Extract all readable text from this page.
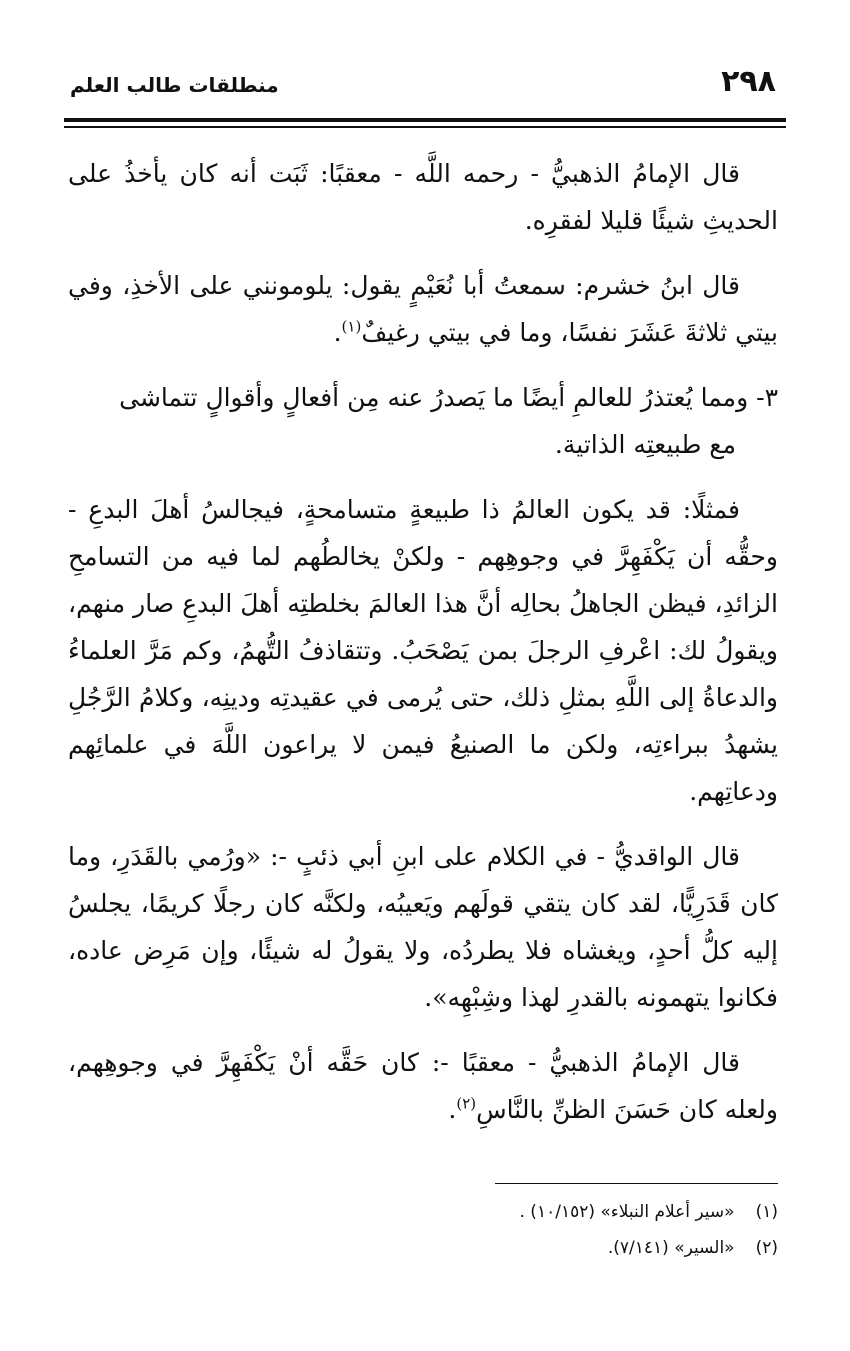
٢٩٨
منطلقات طالب العلم

قال الإمامُ الذهبيُّ - رحمه اللَّه - معقبًا: ثَبَت أنه كان يأخذُ على الحديثِ شيئًا قليلا لفقرِه.

قال ابنُ خشرم: سمعتُ أبا نُعَيْمٍ يقول: يلومونني على الأخذِ، وفي بيتي ثلاثةَ عَشَرَ نفسًا، وما في بيتي رغيفٌ$^{(١)}$.

٣- ومما يُعتذرُ للعالمِ أيضًا ما يَصدرُ عنه مِن أفعالٍ وأقوالٍ تتماشى
مع طبيعتِه الذاتية.

فمثلًا: قد يكون العالمُ ذا طبيعةٍ متسامحةٍ، فيجالسُ أهلَ البدعِ - وحقُّه أن يَكْفَهِرَّ في وجوهِهم - ولكنْ يخالطُهم لما فيه من التسامحِ الزائدِ، فيظن الجاهلُ بحالِه أنَّ هذا العالمَ بخلطتِه أهلَ البدعِ صار منهم، ويقولُ لك: اعْرفِ الرجلَ بمن يَصْحَبُ. وتتقاذفُ التُّهمُ، وكم مَرَّ العلماءُ والدعاةُ إلى اللَّهِ بمثلِ ذلك، حتى يُرمى في عقيدتِه ودينِه، وكلامُ الرَّجُلِ يشهدُ ببراءتِه، ولكن ما الصنيعُ فيمن لا يراعون اللَّهَ في علمائِهم ودعاتِهم.

قال الواقديُّ - في الكلام على ابنِ أبي ذئبٍ -: «ورُمي بالقَدَرِ، وما كان قَدَرِيًّا، لقد كان يتقي قولَهم ويَعيبُه، ولكنَّه كان رجلًا كريمًا، يجلسُ إليه كلُّ أحدٍ، ويغشاه فلا يطردُه، ولا يقولُ له شيئًا، وإن مَرِض عاده، فكانوا يتهمونه بالقدرِ لهذا وشِبْهِه».

قال الإمامُ الذهبيُّ - معقبًا -: كان حَقَّه أنْ يَكْفَهِرَّ في وجوهِهم، ولعله كان حَسَنَ الظنِّ بالنَّاسِ$^{(٢)}$.

(١) «سير أعلام النبلاء» (١٠/١٥٢) .
(٢) «السير» (٧/١٤١).
